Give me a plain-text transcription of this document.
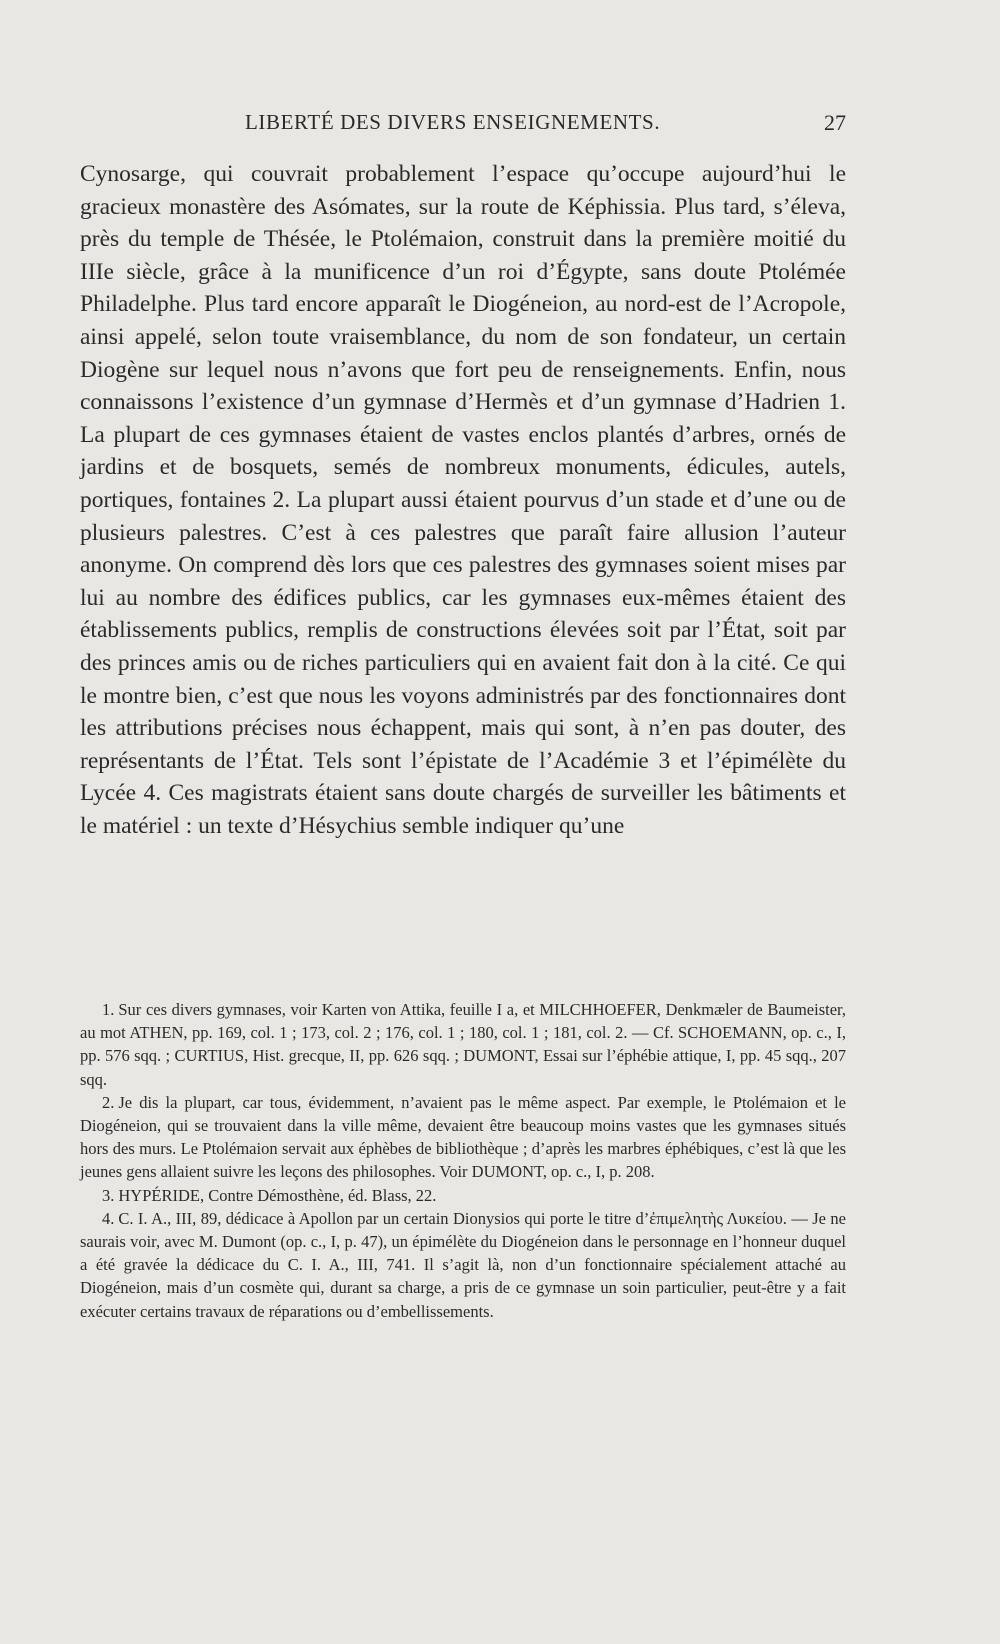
LIBERTÉ DES DIVERS ENSEIGNEMENTS.	27

Cynosarge, qui couvrait probablement l’espace qu’occupe aujourd’hui le gracieux monastère des Asómates, sur la route de Képhissia. Plus tard, s’éleva, près du temple de Thésée, le Ptolémaion, construit dans la première moitié du IIIe siècle, grâce à la munificence d’un roi d’Égypte, sans doute Ptolémée Philadelphe. Plus tard encore apparaît le Diogéneion, au nord-est de l’Acropole, ainsi appelé, selon toute vraisemblance, du nom de son fondateur, un certain Diogène sur lequel nous n’avons que fort peu de renseignements. Enfin, nous connaissons l’existence d’un gymnase d’Hermès et d’un gymnase d’Hadrien 1. La plupart de ces gymnases étaient de vastes enclos plantés d’arbres, ornés de jardins et de bosquets, semés de nombreux monuments, édicules, autels, portiques, fontaines 2. La plupart aussi étaient pourvus d’un stade et d’une ou de plusieurs palestres. C’est à ces palestres que paraît faire allusion l’auteur anonyme. On comprend dès lors que ces palestres des gymnases soient mises par lui au nombre des édifices publics, car les gymnases eux-mêmes étaient des établissements publics, remplis de constructions élevées soit par l’État, soit par des princes amis ou de riches particuliers qui en avaient fait don à la cité. Ce qui le montre bien, c’est que nous les voyons administrés par des fonctionnaires dont les attributions précises nous échappent, mais qui sont, à n’en pas douter, des représentants de l’État. Tels sont l’épistate de l’Académie 3 et l’épimélète du Lycée 4. Ces magistrats étaient sans doute chargés de surveiller les bâtiments et le matériel : un texte d’Hésychius semble indiquer qu’une

1. Sur ces divers gymnases, voir Karten von Attika, feuille I a, et MILCHHOEFER, Denkmæler de Baumeister, au mot ATHEN, pp. 169, col. 1 ; 173, col. 2 ; 176, col. 1 ; 180, col. 1 ; 181, col. 2. — Cf. SCHOEMANN, op. c., I, pp. 576 sqq. ; CURTIUS, Hist. grecque, II, pp. 626 sqq. ; DUMONT, Essai sur l’éphébie attique, I, pp. 45 sqq., 207 sqq.

2. Je dis la plupart, car tous, évidemment, n’avaient pas le même aspect. Par exemple, le Ptolémaion et le Diogéneion, qui se trouvaient dans la ville même, devaient être beaucoup moins vastes que les gymnases situés hors des murs. Le Ptolémaion servait aux éphèbes de bibliothèque ; d’après les marbres éphébiques, c’est là que les jeunes gens allaient suivre les leçons des philosophes. Voir DUMONT, op. c., I, p. 208.

3. HYPÉRIDE, Contre Démosthène, éd. Blass, 22.

4. C. I. A., III, 89, dédicace à Apollon par un certain Dionysios qui porte le titre d’ἐπιμελητὴς Λυκείου. — Je ne saurais voir, avec M. Dumont (op. c., I, p. 47), un épimélète du Diogéneion dans le personnage en l’honneur duquel a été gravée la dédicace du C. I. A., III, 741. Il s’agit là, non d’un fonctionnaire spécialement attaché au Diogéneion, mais d’un cosmète qui, durant sa charge, a pris de ce gymnase un soin particulier, peut-être y a fait exécuter certains travaux de réparations ou d’embellissements.
